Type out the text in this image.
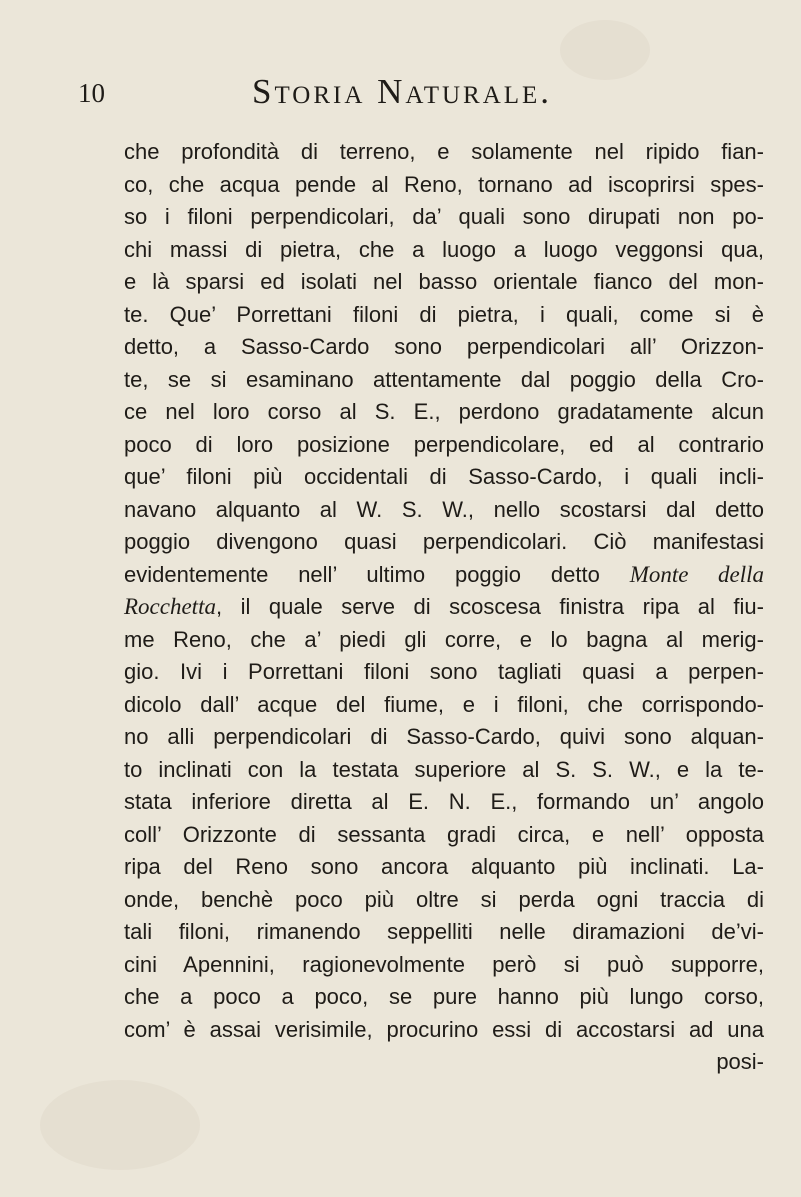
10	Storia Naturale.
che profondità di terreno, e solamente nel ripido fian-
co, che acqua pende al Reno, tornano ad iscoprirsi spes-
so i filoni perpendicolari, da’ quali sono dirupati non po-
chi massi di pietra, che a luogo a luogo veggonsi qua,
e là sparsi ed isolati nel basso orientale fianco del mon-
te. Que’ Porrettani filoni di pietra, i quali, come si è
detto, a Sasso-Cardo sono perpendicolari all’ Orizzon-
te, se si esaminano attentamente dal poggio della Cro-
ce nel loro corso al S. E., perdono gradatamente alcun
poco di loro posizione perpendicolare, ed al contrario
que’ filoni più occidentali di Sasso-Cardo, i quali incli-
navano alquanto al W. S. W., nello scostarsi dal detto
poggio divengono quasi perpendicolari. Ciò manifestasi
evidentemente nell’ ultimo poggio detto Monte della
Rocchetta, il quale serve di scoscesa finistra ripa al fiu-
me Reno, che a’ piedi gli corre, e lo bagna al merig-
gio. Ivi i Porrettani filoni sono tagliati quasi a perpen-
dicolo dall’ acque del fiume, e i filoni, che corrispondo-
no alli perpendicolari di Sasso-Cardo, quivi sono alquan-
to inclinati con la testata superiore al S. S. W., e la te-
stata inferiore diretta al E. N. E., formando un’ angolo
coll’ Orizzonte di sessanta gradi circa, e nell’ opposta
ripa del Reno sono ancora alquanto più inclinati. La-
onde, benchè poco più oltre si perda ogni traccia di
tali filoni, rimanendo seppelliti nelle diramazioni de’vi-
cini Apennini, ragionevolmente però si può supporre,
che a poco a poco, se pure hanno più lungo corso,
com’ è assai verisimile, procurino essi di accostarsi ad una
posi-
